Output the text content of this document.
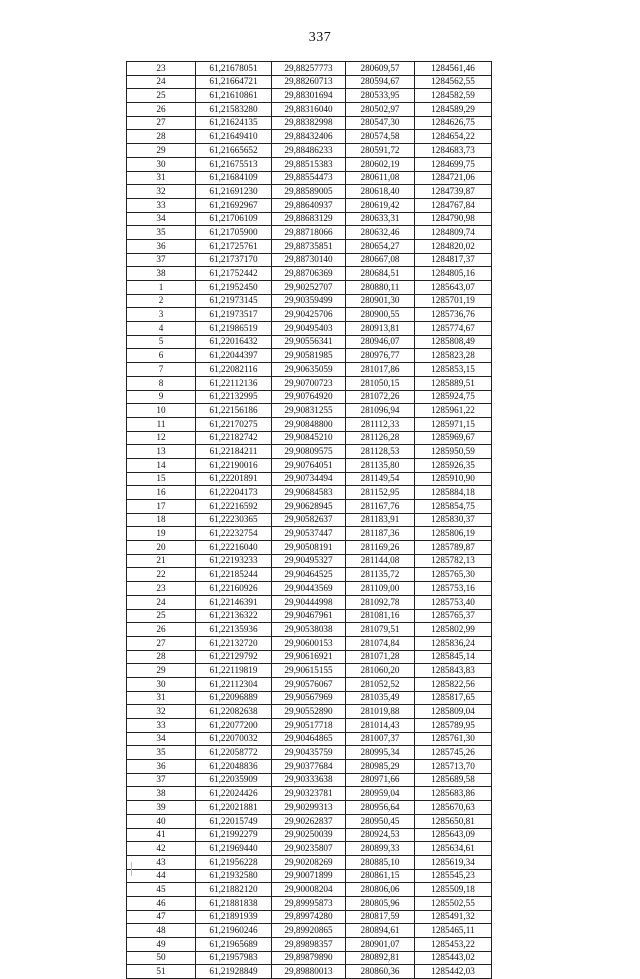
337
23	61,21678051	29,88257773	280609,57	1284561,46
24	61,21664721	29,88260713	280594,67	1284562,55
25	61,21610861	29,88301694	280533,95	1284582,59
26	61,21583280	29,88316040	280502,97	1284589,29
27	61,21624135	29,88382998	280547,30	1284626,75
28	61,21649410	29,88432406	280574,58	1284654,22
29	61,21665652	29,88486233	280591,72	1284683,73
30	61,21675513	29,88515383	280602,19	1284699,75
31	61,21684109	29,88554473	280611,08	1284721,06
32	61,21691230	29,88589005	280618,40	1284739,87
33	61,21692967	29,88640937	280619,42	1284767,84
34	61,21706109	29,88683129	280633,31	1284790,98
35	61,21705900	29,88718066	280632,46	1284809,74
36	61,21725761	29,88735851	280654,27	1284820,02
37	61,21737170	29,88730140	280667,08	1284817,37
38	61,21752442	29,88706369	280684,51	1284805,16
1	61,21952450	29,90252707	280880,11	1285643,07
2	61,21973145	29,90359499	280901,30	1285701,19
3	61,21973517	29,90425706	280900,55	1285736,76
4	61,21986519	29,90495403	280913,81	1285774,67
5	61,22016432	29,90556341	280946,07	1285808,49
6	61,22044397	29,90581985	280976,77	1285823,28
7	61,22082116	29,90635059	281017,86	1285853,15
8	61,22112136	29,90700723	281050,15	1285889,51
9	61,22132995	29,90764920	281072,26	1285924,75
10	61,22156186	29,90831255	281096,94	1285961,22
11	61,22170275	29,90848800	281112,33	1285971,15
12	61,22182742	29,90845210	281126,28	1285969,67
13	61,22184211	29,90809575	281128,53	1285950,59
14	61,22190016	29,90764051	281135,80	1285926,35
15	61,22201891	29,90734494	281149,54	1285910,90
16	61,22204173	29,90684583	281152,95	1285884,18
17	61,22216592	29,90628945	281167,76	1285854,75
18	61,22230365	29,90582637	281183,91	1285830,37
19	61,22232754	29,90537447	281187,36	1285806,19
20	61,22216040	29,90508191	281169,26	1285789,87
21	61,22193233	29,90495327	281144,08	1285782,13
22	61,22185244	29,90464525	281135,72	1285765,30
23	61,22160926	29,90443569	281109,00	1285753,16
24	61,22146391	29,90444998	281092,78	1285753,40
25	61,22136322	29,90467961	281081,16	1285765,37
26	61,22135936	29,90538038	281079,51	1285802,99
27	61,22132720	29,90600153	281074,84	1285836,24
28	61,22129792	29,90616921	281071,28	1285845,14
29	61,22119819	29,90615155	281060,20	1285843,83
30	61,22112304	29,90576067	281052,52	1285822,56
31	61,22096889	29,90567969	281035,49	1285817,65
32	61,22082638	29,90552890	281019,88	1285809,04
33	61,22077200	29,90517718	281014,43	1285789,95
34	61,22070032	29,90464865	281007,37	1285761,30
35	61,22058772	29,90435759	280995,34	1285745,26
36	61,22048836	29,90377684	280985,29	1285713,70
37	61,22035909	29,90333638	280971,66	1285689,58
38	61,22024426	29,90323781	280959,04	1285683,86
39	61,22021881	29,90299313	280956,64	1285670,63
40	61,22015749	29,90262837	280950,45	1285650,81
41	61,21992279	29,90250039	280924,53	1285643,09
42	61,21969440	29,90235807	280899,33	1285634,61
43	61,21956228	29,90208269	280885,10	1285619,34
44	61,21932580	29,90071899	280861,15	1285545,23
45	61,21882120	29,90008204	280806,06	1285509,18
46	61,21881838	29,89995873	280805,96	1285502,55
47	61,21891939	29,89974280	280817,59	1285491,32
48	61,21960246	29,89920865	280894,61	1285465,11
49	61,21965689	29,89898357	280901,07	1285453,22
50	61,21957983	29,89879890	280892,81	1285443,02
51	61,21928849	29,89880013	280860,36	1285442,03
